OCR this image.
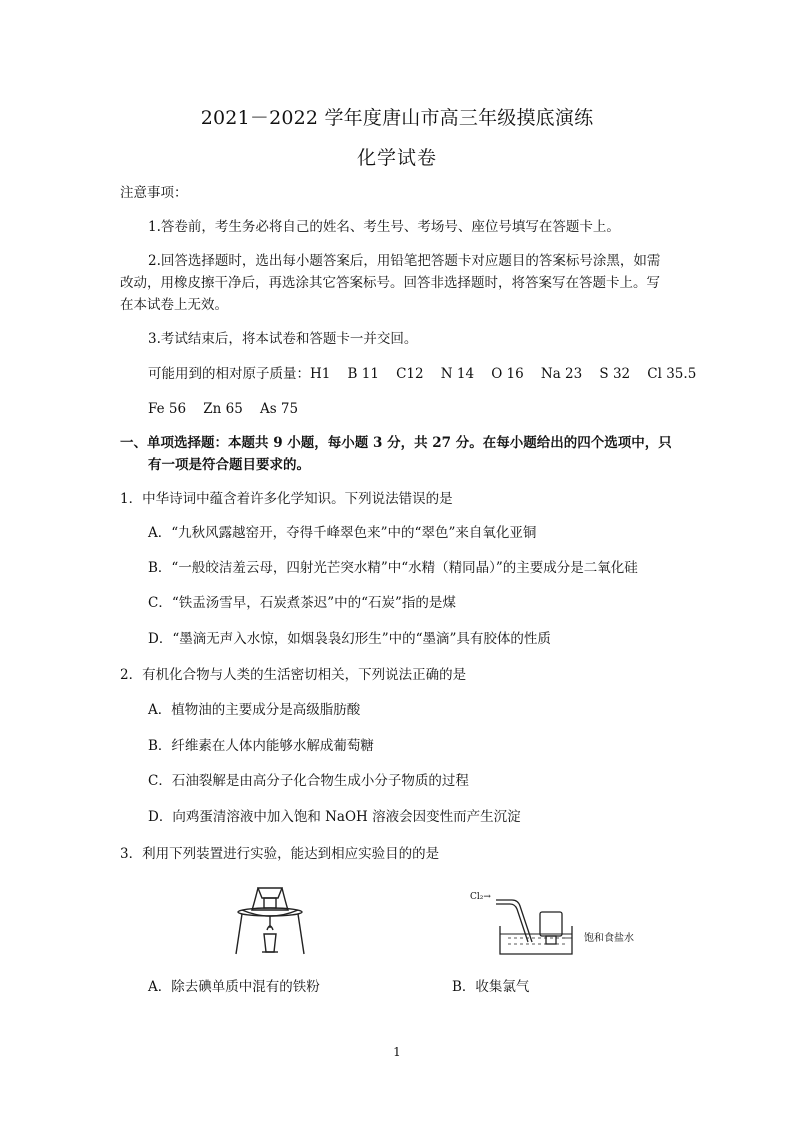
2021－2022 学年度唐山市高三年级摸底演练
化学试卷
注意事项：
1.答卷前，考生务必将自己的姓名、考生号、考场号、座位号填写在答题卡上。
2.回答选择题时，选出每小题答案后，用铅笔把答题卡对应题目的答案标号涂黑，如需
改动，用橡皮擦干净后，再选涂其它答案标号。回答非选择题时，将答案写在答题卡上。写
在本试卷上无效。
3.考试结束后，将本试卷和答题卡一并交回。
可能用到的相对原子质量：H1    B 11    C12    N 14    O 16    Na 23    S 32    Cl 35.5
Fe 56    Zn 65    As 75
一、单项选择题：本题共 9 小题，每小题 3 分，共 27 分。在每小题给出的四个选项中，只
有一项是符合题目要求的。
1．中华诗词中蕴含着许多化学知识。下列说法错误的是
A．“九秋风露越窑开，夺得千峰翠色来”中的“翠色”来自氧化亚铜
B．“一般皎洁羞云母，四射光芒突水精”中“水精（精同晶）”的主要成分是二氧化硅
C．“铁盂汤雪早，石炭煮茶迟”中的“石炭”指的是煤
D．“墨滴无声入水惊，如烟袅袅幻形生”中的“墨滴”具有胶体的性质
2．有机化合物与人类的生活密切相关，下列说法正确的是
A．植物油的主要成分是高级脂肪酸
B．纤维素在人体内能够水解成葡萄糖
C．石油裂解是由高分子化合物生成小分子物质的过程
D．向鸡蛋清溶液中加入饱和 NaOH 溶液会因变性而产生沉淀
3．利用下列装置进行实验，能达到相应实验目的的是
Cl₂→
饱和食盐水
A．除去碘单质中混有的铁粉	B．收集氯气
1
